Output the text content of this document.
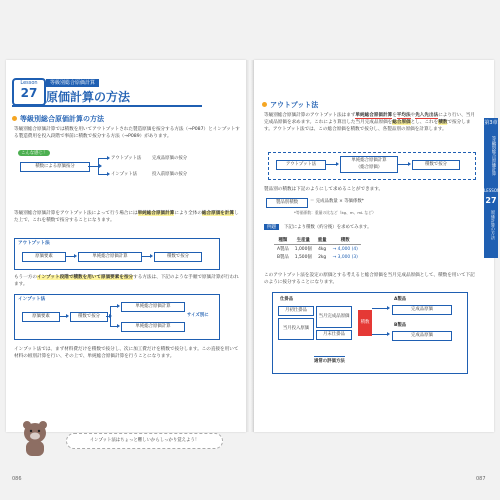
Lesson
27
等級別総合原価計算
原価計算の方法
等級別総合原価計算の方法
等級別総合原価計算では積数を用いてアウトプットされた製造原価を按分する方法（→P087）とインプットする製造費用を投入段階で事前に積数で按分する方法（→P089）があります。
こんな感じ！
積数による原価按分
アウトプット法 完成品原価の按分
インプット法	投入前原価の按分
等級別総合原価計算をアウトプット法によって行う場合には単純総合原価計算により全体の総合原価を計算した上で、これを積数で按分することになります。
アウトプット法
原価要素	単純総合原価計算	積数で按分
もう一方のインプット段階で積数を用いて原価要素を按分する方法は、下記のような手順で原価計算が行われます。
インプット法
原価要素	積数で按分
単純総合原価計算
単純総合原価計算
サイズ別に
インプット法では、まず材料費だけを積数で按分し、次に加工費だけを積数で按分します。この直接を用いて材料の組別計算を行い、その上で、単純総合原価計算を行うことになります。
インプット法はちょっと難しいからしっかり覚えよう！
086
アウトプット法
等級別総合原価計算のアウトプット法はまず単純総合原価計算を平均法や先入先出法により行い、当月完成品原価を求めます。これにより算出した当月完成品原価を総合原価とし、これを積数で按分します。アウトプット法では、この総合原価を積数で按分し、各製品別の原価を計算します。
アウトプット法
単純総合原価計算
（総合原価）
積数で按分
製品別の積数は下記のようにして求めることができます。
製品別積数	＝ 完成品数量 × 等価係数*
*等価係数：重量の比など（kg、m、mL など）
例題	下記により積数（約分後）を求めてみます。
種類	生産量	重量	積数
A製品	1,000個	4kg	→ 4,000 (4)
B製品	1,500個	2kg	→ 3,000 (3)
このアウトプット法を設定の原価とする考えると総合原価を当月完成品原価として、積数を用いて下記のように按分することになります。
仕掛品
月初仕掛品
当月投入原価
当月完成品原価
月末仕掛品
積数
A製品
完成品原価
B製品
完成品原価
通常の評価方法
087
第3章
等級別総合原価計算
LESSON
27
原価計算の方法
